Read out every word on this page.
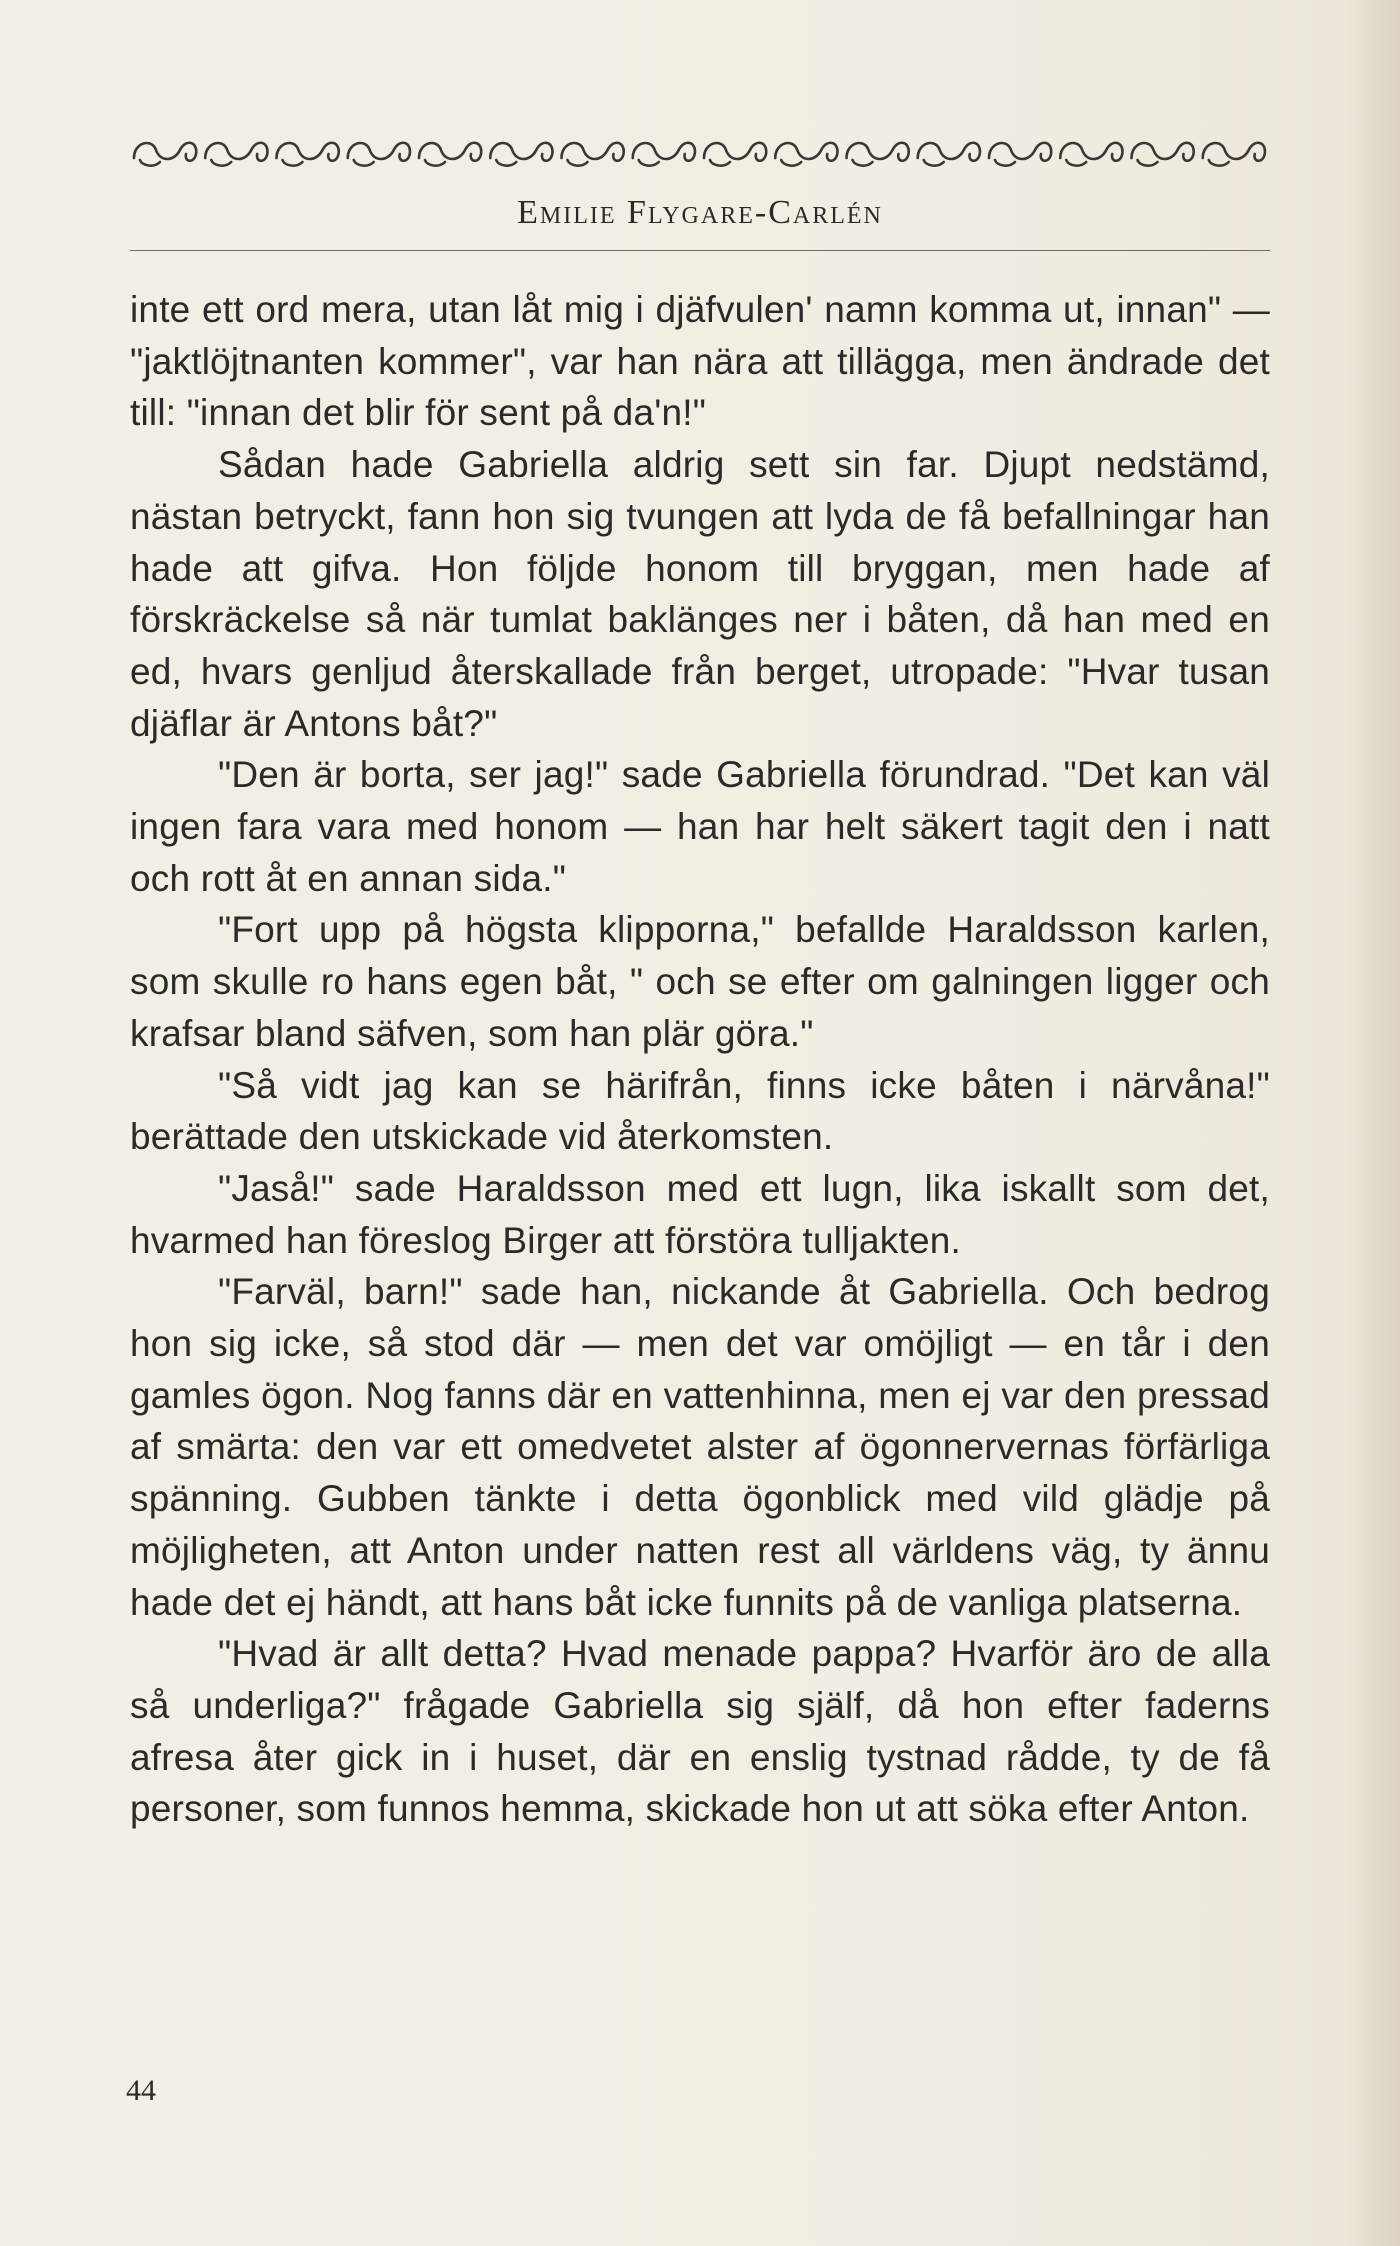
Emilie Flygare-Carlén

inte ett ord mera, utan låt mig i djäfvulen' namn komma ut, innan" — "jaktlöjtnanten kommer", var han nära att tillägga, men ändrade det till: "innan det blir för sent på da'n!"

Sådan hade Gabriella aldrig sett sin far. Djupt nedstämd, nästan betryckt, fann hon sig tvungen att lyda de få befallningar han hade att gifva. Hon följde honom till bryggan, men hade af förskräckelse så när tumlat baklänges ner i båten, då han med en ed, hvars genljud återskallade från berget, utropade: "Hvar tusan djäflar är Antons båt?"

"Den är borta, ser jag!" sade Gabriella förundrad. "Det kan väl ingen fara vara med honom — han har helt säkert tagit den i natt och rott åt en annan sida."

"Fort upp på högsta klipporna," befallde Haraldsson karlen, som skulle ro hans egen båt, " och se efter om galningen ligger och krafsar bland säfven, som han plär göra."

"Så vidt jag kan se härifrån, finns icke båten i närvåna!" berättade den utskickade vid återkomsten.

"Jaså!" sade Haraldsson med ett lugn, lika iskallt som det, hvarmed han föreslog Birger att förstöra tulljakten.

"Farväl, barn!" sade han, nickande åt Gabriella. Och bedrog hon sig icke, så stod där — men det var omöjligt — en tår i den gamles ögon. Nog fanns där en vattenhinna, men ej var den pressad af smärta: den var ett omedvetet alster af ögonnervernas förfärliga spänning. Gubben tänkte i detta ögonblick med vild glädje på möjligheten, att Anton under natten rest all världens väg, ty ännu hade det ej händt, att hans båt icke funnits på de vanliga platserna.

"Hvad är allt detta? Hvad menade pappa? Hvarför äro de alla så underliga?" frågade Gabriella sig själf, då hon efter faderns afresa åter gick in i huset, där en enslig tystnad rådde, ty de få personer, som funnos hemma, skickade hon ut att söka efter Anton.

44
